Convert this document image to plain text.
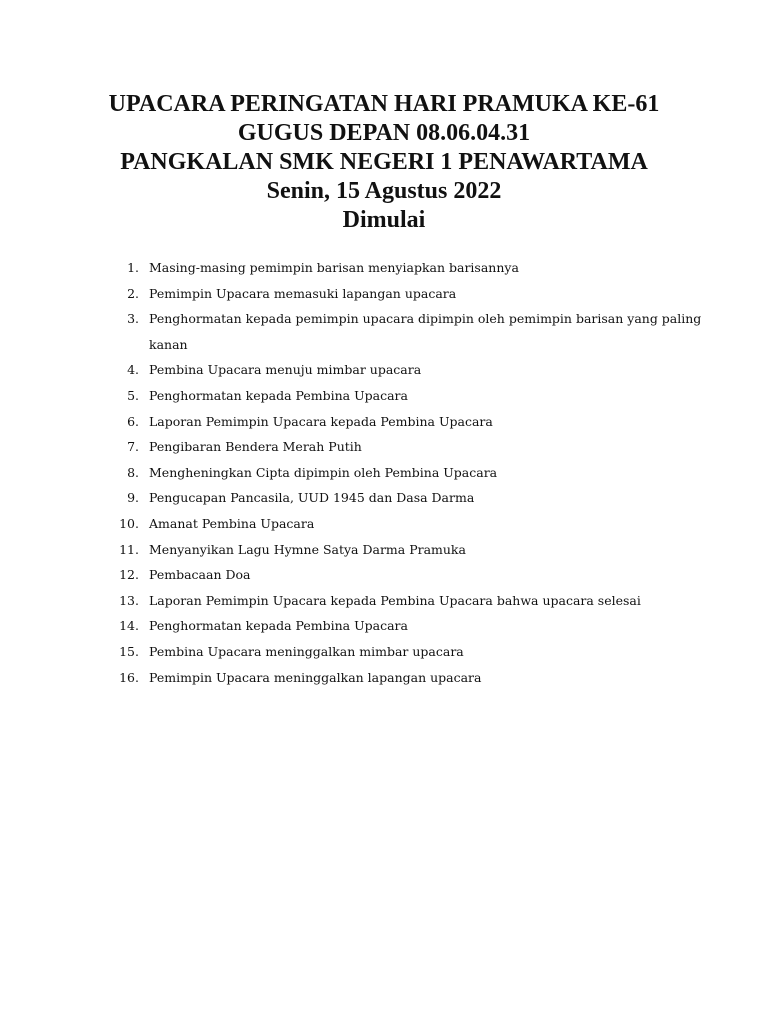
UPACARA PERINGATAN HARI PRAMUKA KE-61

GUGUS DEPAN 08.06.04.31

PANGKALAN SMK NEGERI 1 PENAWARTAMA

Senin, 15 Agustus 2022

Dimulai

1. Masing-masing pemimpin barisan menyiapkan barisannya
2. Pemimpin Upacara memasuki lapangan upacara
3. Penghormatan kepada pemimpin upacara dipimpin oleh pemimpin barisan yang paling kanan
4. Pembina Upacara menuju mimbar upacara
5. Penghormatan kepada Pembina Upacara
6. Laporan Pemimpin Upacara kepada Pembina Upacara
7. Pengibaran Bendera Merah Putih
8. Mengheningkan Cipta dipimpin oleh Pembina Upacara
9. Pengucapan Pancasila, UUD 1945 dan Dasa Darma
10. Amanat Pembina Upacara
11. Menyanyikan Lagu Hymne Satya Darma Pramuka
12. Pembacaan Doa
13. Laporan Pemimpin Upacara kepada Pembina Upacara bahwa upacara selesai
14. Penghormatan kepada Pembina Upacara
15. Pembina Upacara meninggalkan mimbar upacara
16. Pemimpin Upacara meninggalkan lapangan upacara
